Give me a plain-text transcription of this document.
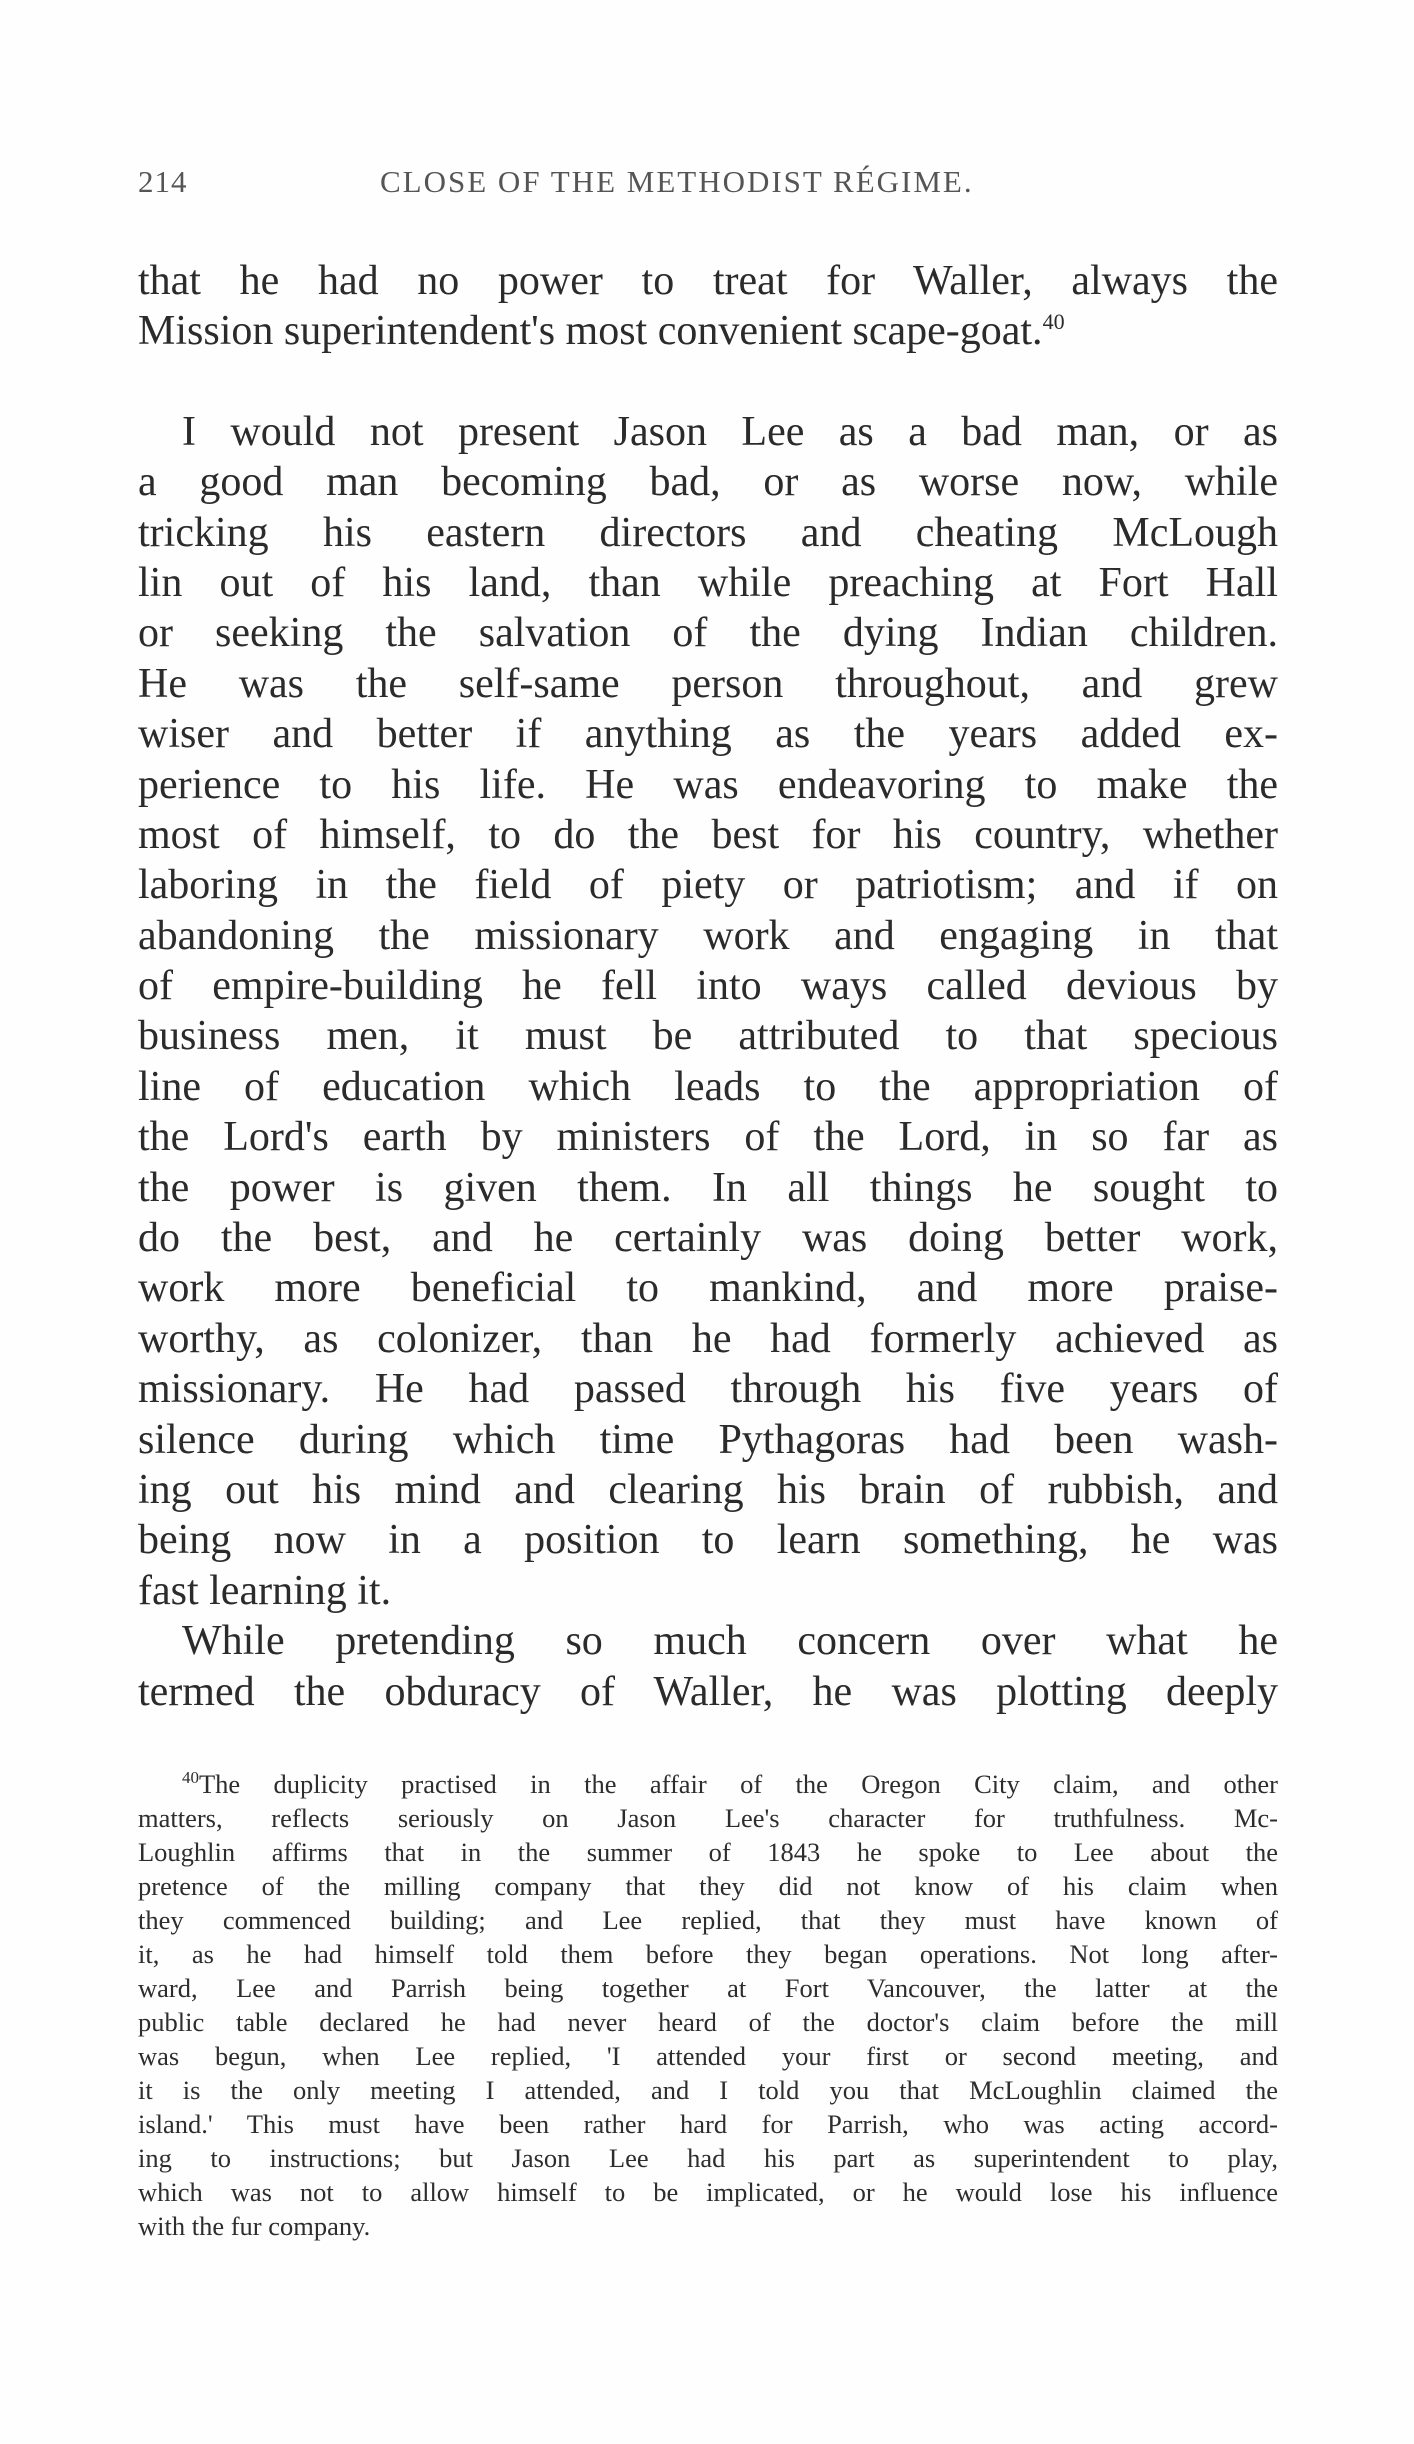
214	CLOSE OF THE METHODIST RÉGIME.
that he had no power to treat for Waller, always the
Mission superintendent's most convenient scape-goat.$^{40}$
I would not present Jason Lee as a bad man, or as
a good man becoming bad, or as worse now, while
tricking his eastern directors and cheating McLough
lin out of his land, than while preaching at Fort Hall
or seeking the salvation of the dying Indian children.
He was the self-same person throughout, and grew
wiser and better if anything as the years added ex-
perience to his life. He was endeavoring to make the
most of himself, to do the best for his country, whether
laboring in the field of piety or patriotism; and if on
abandoning the missionary work and engaging in that
of empire-building he fell into ways called devious by
business men, it must be attributed to that specious
line of education which leads to the appropriation of
the Lord's earth by ministers of the Lord, in so far as
the power is given them. In all things he sought to
do the best, and he certainly was doing better work,
work more beneficial to mankind, and more praise-
worthy, as colonizer, than he had formerly achieved as
missionary. He had passed through his five years of
silence during which time Pythagoras had been wash-
ing out his mind and clearing his brain of rubbish, and
being now in a position to learn something, he was
fast learning it.
While pretending so much concern over what he
termed the obduracy of Waller, he was plotting deeply
$^{40}$The duplicity practised in the affair of the Oregon City claim, and other
matters, reflects seriously on Jason Lee's character for truthfulness. Mc-
Loughlin affirms that in the summer of 1843 he spoke to Lee about the
pretence of the milling company that they did not know of his claim when
they commenced building; and Lee replied, that they must have known of
it, as he had himself told them before they began operations. Not long after-
ward, Lee and Parrish being together at Fort Vancouver, the latter at the
public table declared he had never heard of the doctor's claim before the mill
was begun, when Lee replied, 'I attended your first or second meeting, and
it is the only meeting I attended, and I told you that McLoughlin claimed the
island.' This must have been rather hard for Parrish, who was acting accord-
ing to instructions; but Jason Lee had his part as superintendent to play,
which was not to allow himself to be implicated, or he would lose his influence
with the fur company.
